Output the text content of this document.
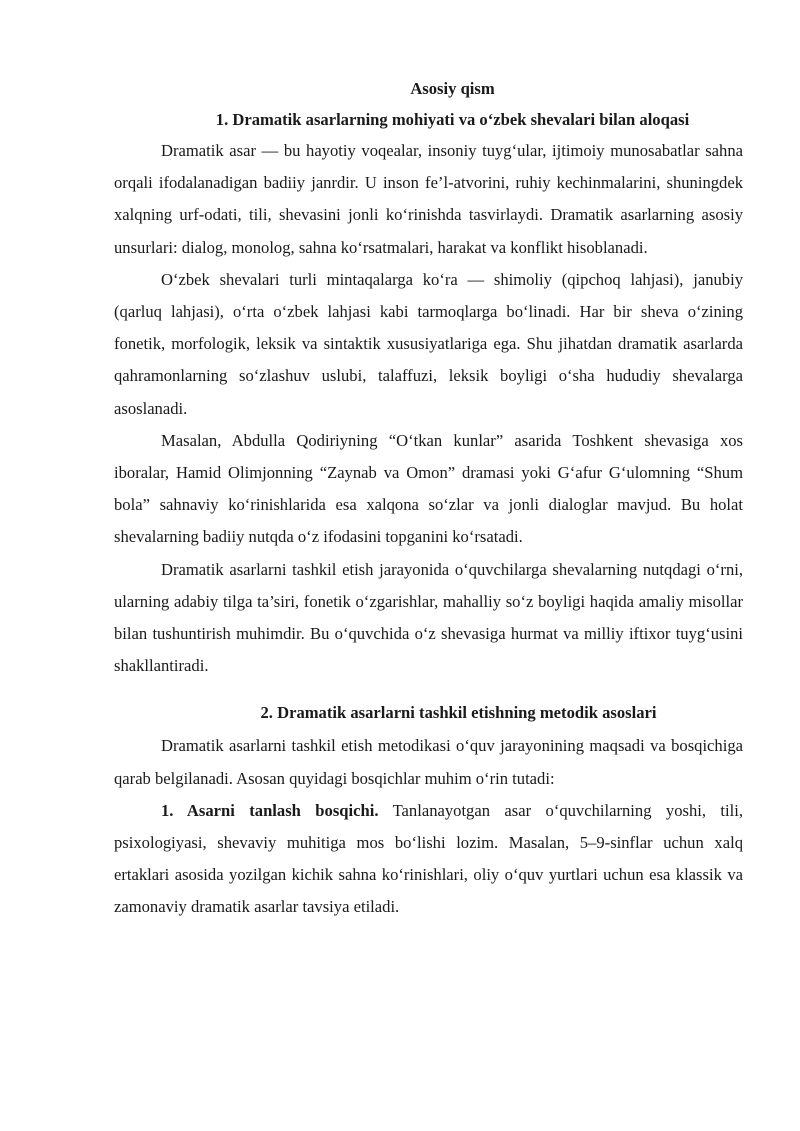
Asosiy qism
1. Dramatik asarlarning mohiyati va o‘zbek shevalari bilan aloqasi

Dramatik asar — bu hayotiy voqealar, insoniy tuyg‘ular, ijtimoiy munosabatlar sahna orqali ifodalanadigan badiiy janrdir. U inson fe’l-atvorini, ruhiy kechinmalarini, shuningdek xalqning urf-odati, tili, shevasini jonli ko‘rinishda tasvirlaydi. Dramatik asarlarning asosiy unsurlari: dialog, monolog, sahna ko‘rsatmalari, harakat va konflikt hisoblanadi.

O‘zbek shevalari turli mintaqalarga ko‘ra — shimoliy (qipchoq lahjasi), janubiy (qarluq lahjasi), o‘rta o‘zbek lahjasi kabi tarmoqlarga bo‘linadi. Har bir sheva o‘zining fonetik, morfologik, leksik va sintaktik xususiyatlariga ega. Shu jihatdan dramatik asarlarda qahramonlarning so‘zlashuv uslubi, talaffuzi, leksik boyligi o‘sha hududiy shevalarga asoslanadi.

Masalan, Abdulla Qodiriyning “O‘tkan kunlar” asarida Toshkent shevasiga xos iboralar, Hamid Olimjonning “Zaynab va Omon” dramasi yoki G‘afur G‘ulomning “Shum bola” sahnaviy ko‘rinishlarida esa xalqona so‘zlar va jonli dialoglar mavjud. Bu holat shevalarning badiiy nutqda o‘z ifodasini topganini ko‘rsatadi.

Dramatik asarlarni tashkil etish jarayonida o‘quvchilarga shevalarning nutqdagi o‘rni, ularning adabiy tilga ta’siri, fonetik o‘zgarishlar, mahalliy so‘z boyligi haqida amaliy misollar bilan tushuntirish muhimdir. Bu o‘quvchida o‘z shevasiga hurmat va milliy iftixor tuyg‘usini shakllantiradi.

2. Dramatik asarlarni tashkil etishning metodik asoslari

Dramatik asarlarni tashkil etish metodikasi o‘quv jarayonining maqsadi va bosqichiga qarab belgilanadi. Asosan quyidagi bosqichlar muhim o‘rin tutadi:

1. Asarni tanlash bosqichi. Tanlanayotgan asar o‘quvchilarning yoshi, tili, psixologiyasi, shevaviy muhitiga mos bo‘lishi lozim. Masalan, 5–9-sinflar uchun xalq ertaklari asosida yozilgan kichik sahna ko‘rinishlari, oliy o‘quv yurtlari uchun esa klassik va zamonaviy dramatik asarlar tavsiya etiladi.
